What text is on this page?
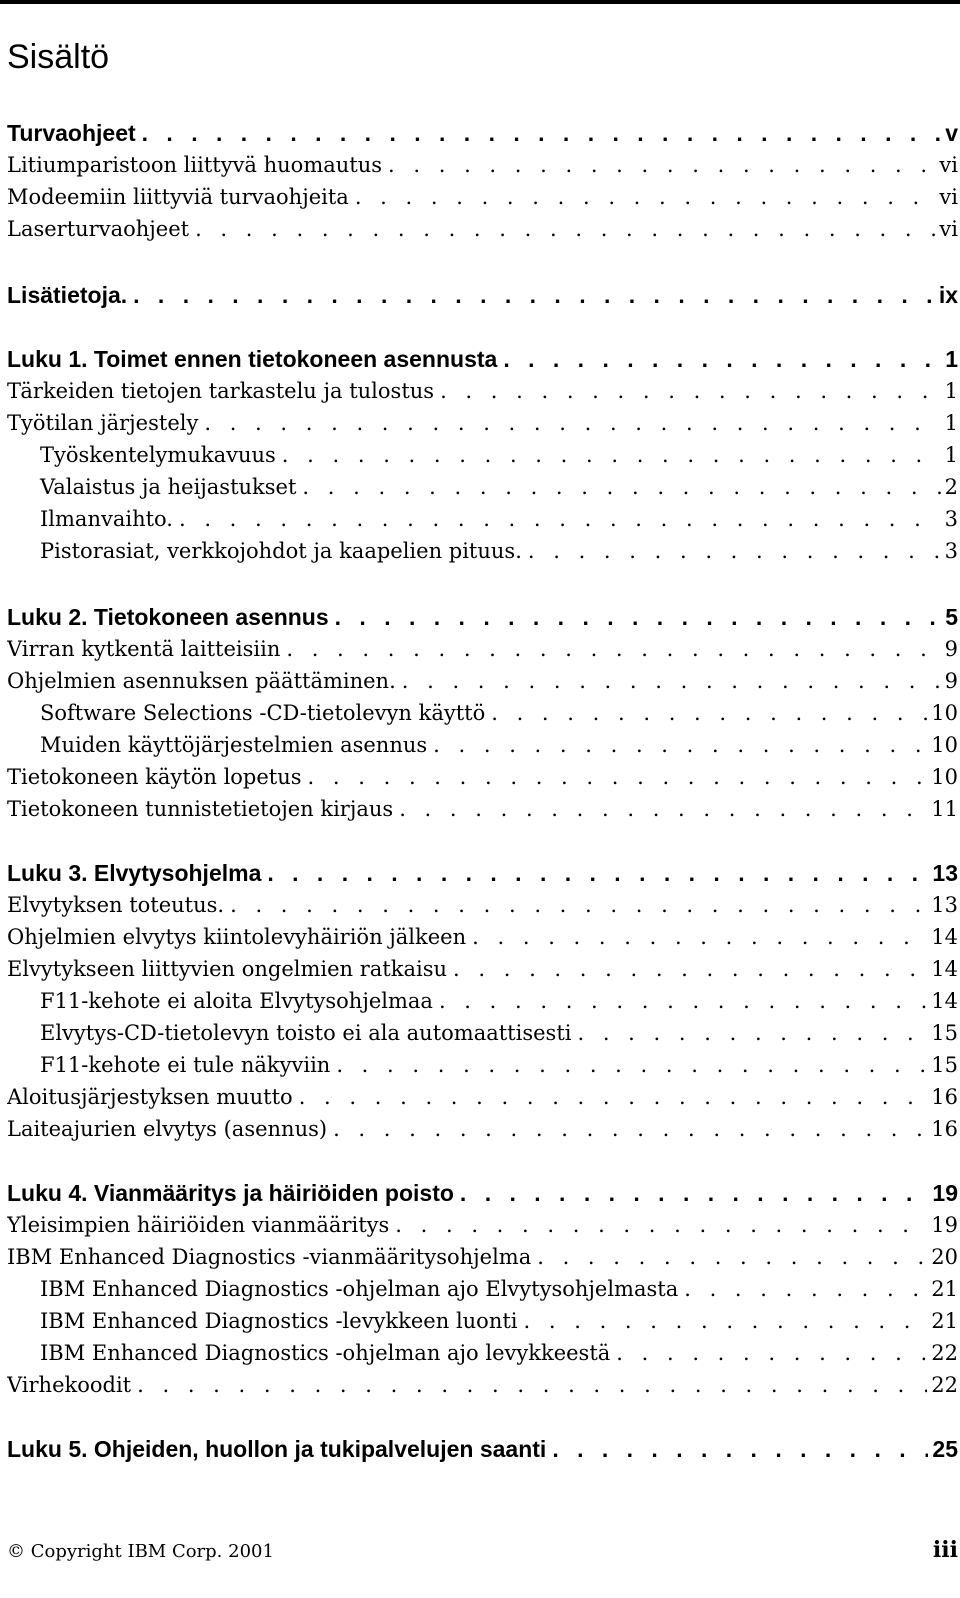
Sisältö
Turvaohjeet . . .	v
Litiumparistoon liittyvä huomautus . . .	vi
Modeemiin liittyviä turvaohjeita . . .	vi
Laserturvaohjeet . . .	vi
Lisätietoja. . . .	ix
Luku 1. Toimet ennen tietokoneen asennusta . . .	1
Tärkeiden tietojen tarkastelu ja tulostus . . .	1
Työtilan järjestely . . .	1
Työskentelymukavuus . . .	1
Valaistus ja heijastukset . . .	2
Ilmanvaihto. . . .	3
Pistorasiat, verkkojohdot ja kaapelien pituus. . . .	3
Luku 2. Tietokoneen asennus . . .	5
Virran kytkentä laitteisiin . . .	9
Ohjelmien asennuksen päättäminen. . . .	9
Software Selections -CD-tietolevyn käyttö . . .	10
Muiden käyttöjärjestelmien asennus . . .	10
Tietokoneen käytön lopetus . . .	10
Tietokoneen tunnistetietojen kirjaus . . .	11
Luku 3. Elvytysohjelma . . .	13
Elvytyksen toteutus. . . .	13
Ohjelmien elvytys kiintolevyhäiriön jälkeen . . .	14
Elvytykseen liittyvien ongelmien ratkaisu . . .	14
F11-kehote ei aloita Elvytysohjelmaa . . .	14
Elvytys-CD-tietolevyn toisto ei ala automaattisesti . . .	15
F11-kehote ei tule näkyviin . . .	15
Aloitusjärjestyksen muutto . . .	16
Laiteajurien elvytys (asennus) . . .	16
Luku 4. Vianmääritys ja häiriöiden poisto . . .	19
Yleisimpien häiriöiden vianmääritys . . .	19
IBM Enhanced Diagnostics -vianmääritysohjelma . . .	20
IBM Enhanced Diagnostics -ohjelman ajo Elvytysohjelmasta . . .	21
IBM Enhanced Diagnostics -levykkeen luonti . . .	21
IBM Enhanced Diagnostics -ohjelman ajo levykkeestä . . .	22
Virhekoodit . . .	22
Luku 5. Ohjeiden, huollon ja tukipalvelujen saanti . . .	25
© Copyright IBM Corp. 2001	iii
